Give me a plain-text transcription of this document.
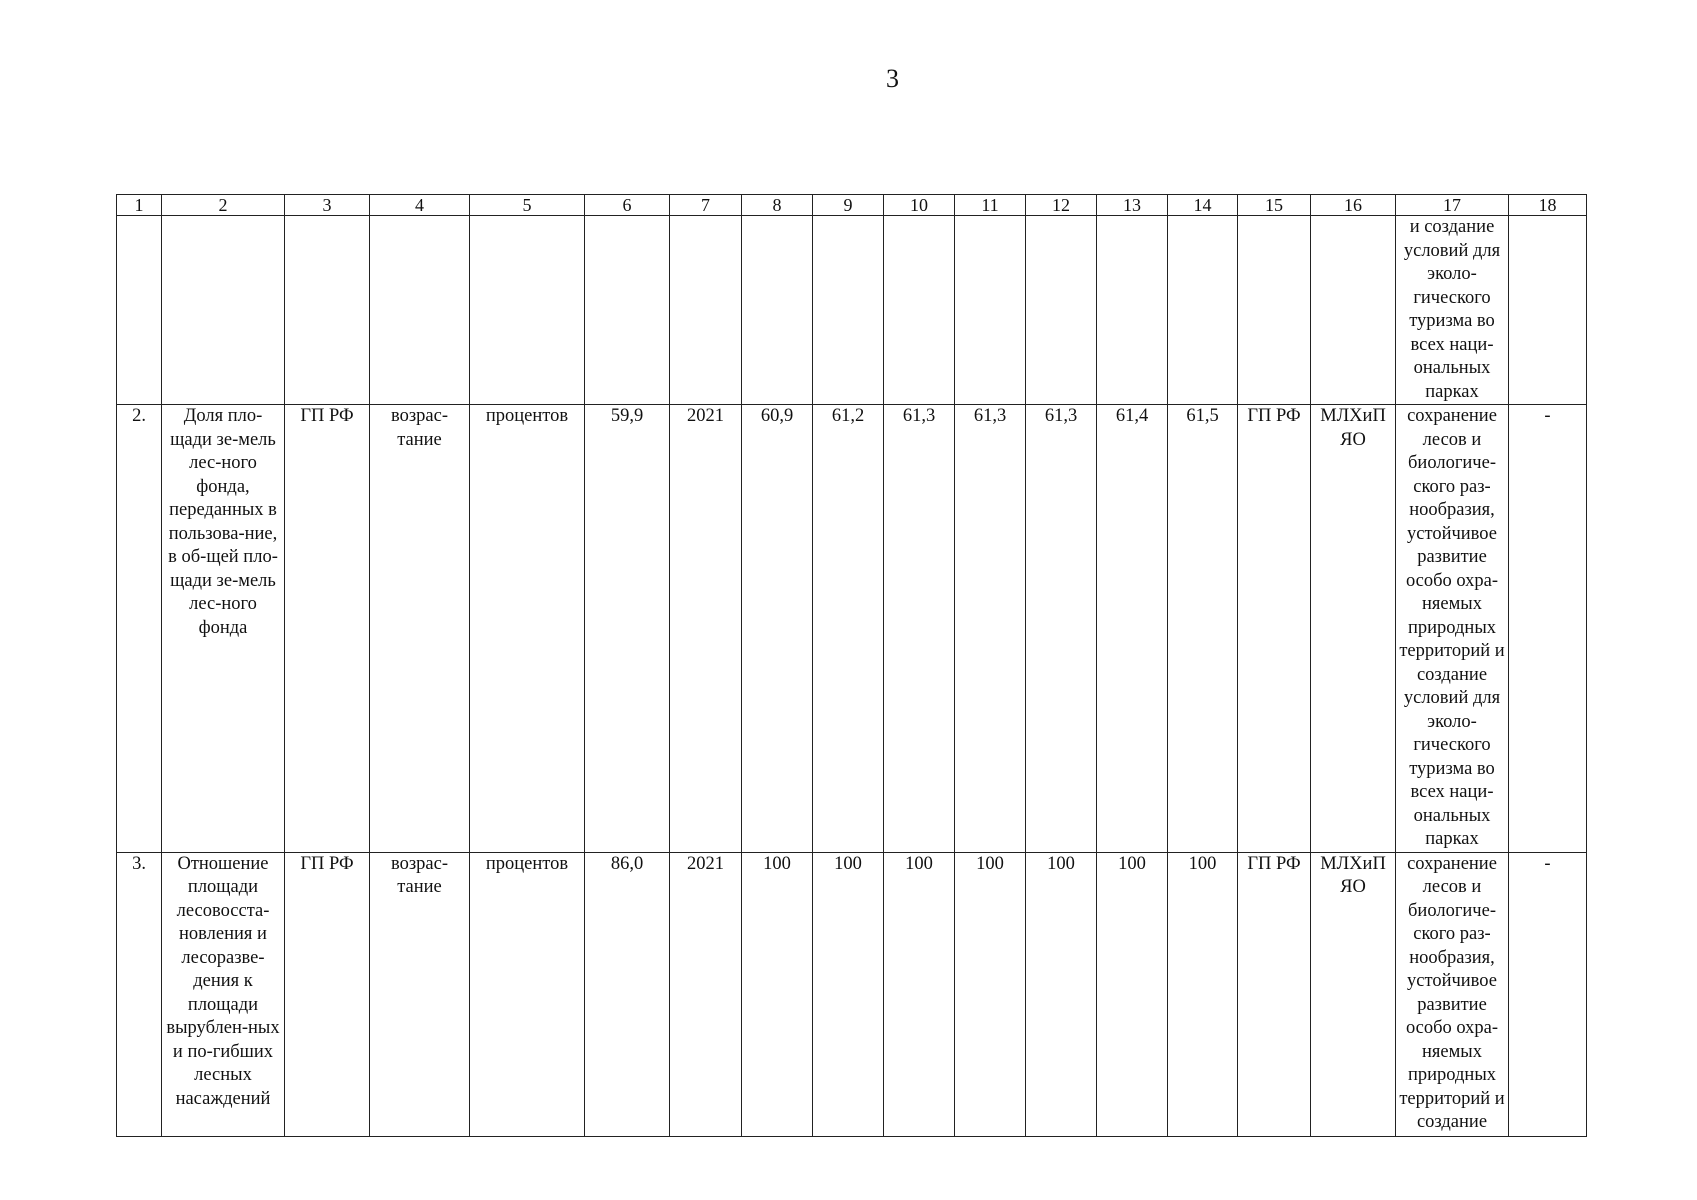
3
1	2	3	4	5	6	7	8	9	10	11	12	13	14	15	16	17	18
																и создание условий для эколо-гического туризма во всех наци-ональных парках	
2.	Доля пло-щади зе-мель лес-ного фонда, переданных в пользова-ние, в об-щей пло-щади зе-мель лес-ного фонда	ГП РФ	возрас-тание	процентов	59,9	2021	60,9	61,2	61,3	61,3	61,3	61,4	61,5	ГП РФ	МЛХиП ЯО	сохранение лесов и биологиче-ского раз-нообразия, устойчивое развитие особо охра-няемых природных территорий и создание условий для эколо-гического туризма во всех наци-ональных парках	-
3.	Отношение площади лесовосста-новления и лесоразве-дения к площади вырублен-ных и по-гибших лесных насаждений	ГП РФ	возрас-тание	процентов	86,0	2021	100	100	100	100	100	100	100	ГП РФ	МЛХиП ЯО	сохранение лесов и биологиче-ского раз-нообразия, устойчивое развитие особо охра-няемых природных территорий и создание	-
